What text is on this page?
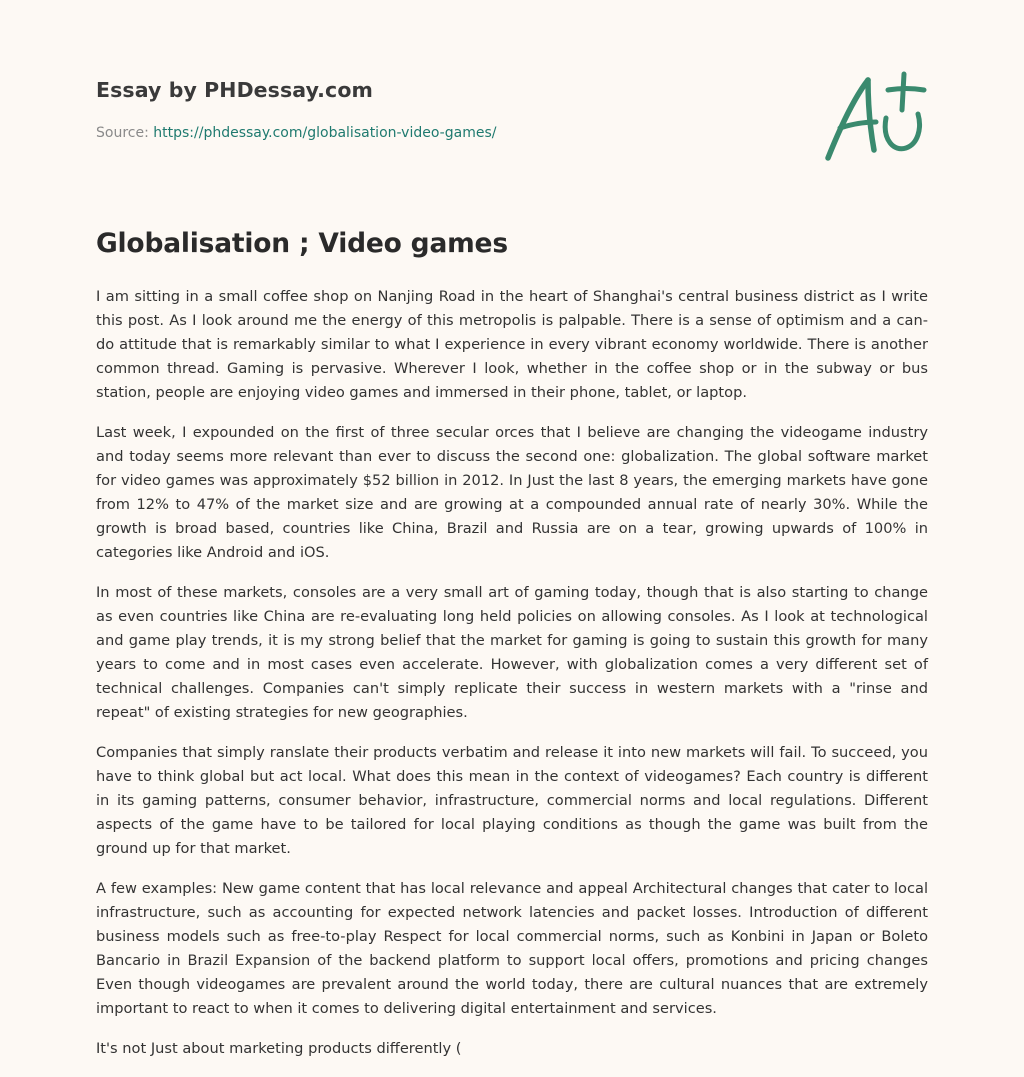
Essay by PHDessay.com
Source: https://phdessay.com/globalisation-video-games/
Globalisation ; Video games

I am sitting in a small coffee shop on Nanjing Road in the heart of Shanghai's central business district as I write this post. As I look around me the energy of this metropolis is palpable. There is a sense of optimism and a can-do attitude that is remarkably similar to what I experience in every vibrant economy worldwide. There is another common thread. Gaming is pervasive. Wherever I look, whether in the coffee shop or in the subway or bus station, people are enjoying video games and immersed in their phone, tablet, or laptop.

Last week, I expounded on the first of three secular orces that I believe are changing the videogame industry and today seems more relevant than ever to discuss the second one: globalization. The global software market for video games was approximately $52 billion in 2012. In Just the last 8 years, the emerging markets have gone from 12% to 47% of the market size and are growing at a compounded annual rate of nearly 30%. While the growth is broad based, countries like China, Brazil and Russia are on a tear, growing upwards of 100% in categories like Android and iOS.

In most of these markets, consoles are a very small art of gaming today, though that is also starting to change as even countries like China are re-evaluating long held policies on allowing consoles. As I look at technological and game play trends, it is my strong belief that the market for gaming is going to sustain this growth for many years to come and in most cases even accelerate. However, with globalization comes a very different set of technical challenges. Companies can't simply replicate their success in western markets with a "rinse and repeat" of existing strategies for new geographies.

Companies that simply ranslate their products verbatim and release it into new markets will fail. To succeed, you have to think global but act local. What does this mean in the context of videogames? Each country is different in its gaming patterns, consumer behavior, infrastructure, commercial norms and local regulations. Different aspects of the game have to be tailored for local playing conditions as though the game was built from the ground up for that market.

A few examples: New game content that has local relevance and appeal Architectural changes that cater to local infrastructure, such as accounting for expected network latencies and packet losses. Introduction of different business models such as free-to-play Respect for local commercial norms, such as Konbini in Japan or Boleto Bancario in Brazil Expansion of the backend platform to support local offers, promotions and pricing changes Even though videogames are prevalent around the world today, there are cultural nuances that are extremely important to react to when it comes to delivering digital entertainment and services.

It's not Just about marketing products differently (
